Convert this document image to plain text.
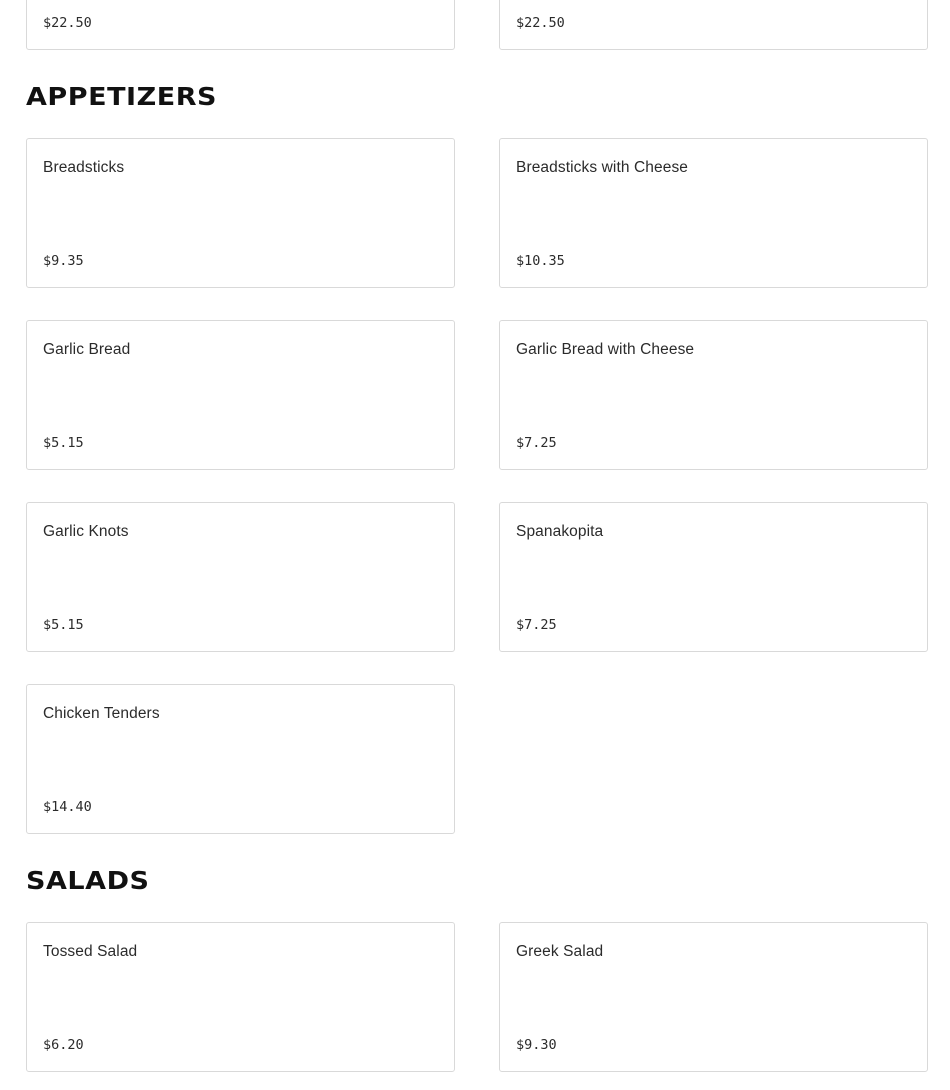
$22.50	$22.50
APPETIZERS
Breadsticks
$9.35
Breadsticks with Cheese
$10.35
Garlic Bread
$5.15
Garlic Bread with Cheese
$7.25
Garlic Knots
$5.15
Spanakopita
$7.25
Chicken Tenders
$14.40
SALADS
Tossed Salad
$6.20
Greek Salad
$9.30
